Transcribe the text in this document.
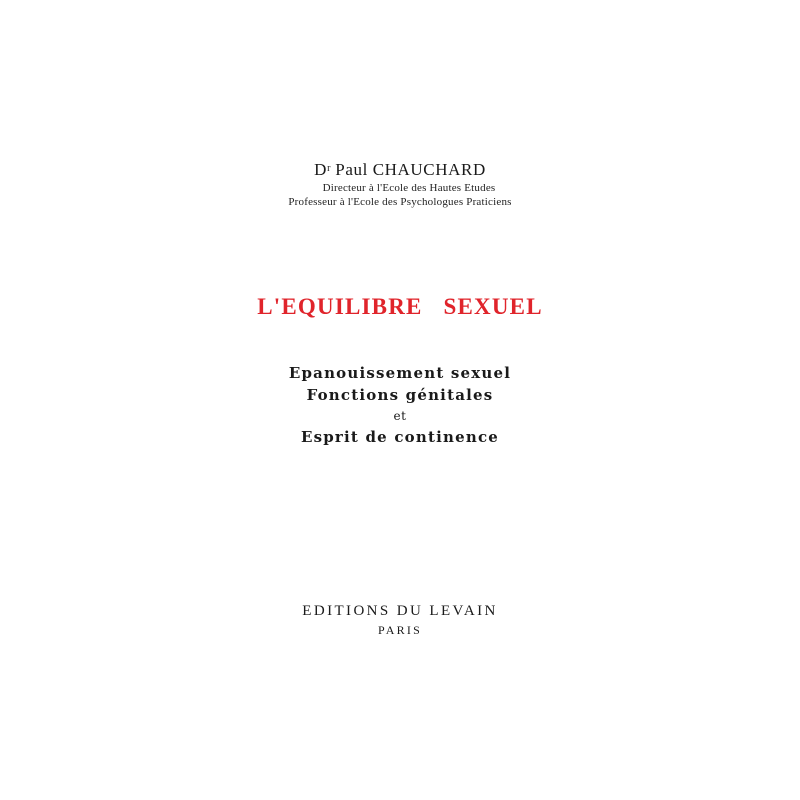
$D^r$ Paul CHAUCHARD
Directeur à l'Ecole des Hautes Etudes
Professeur à l'Ecole des Psychologues Praticiens
L'EQUILIBRE SEXUEL
Epanouissement sexuel
Fonctions génitales
et
Esprit de continence
EDITIONS DU LEVAIN
PARIS
